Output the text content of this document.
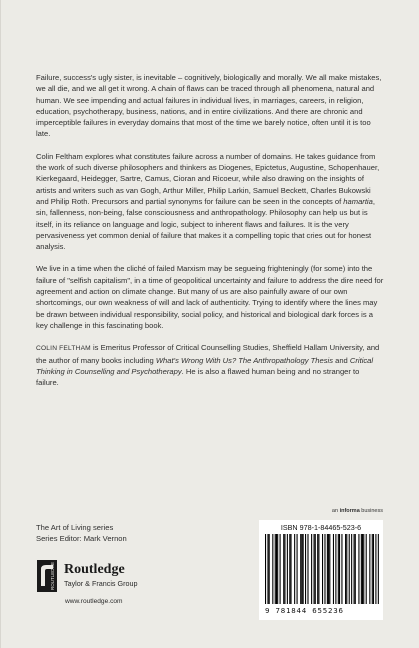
Failure, success's ugly sister, is inevitable – cognitively, biologically and morally. We all make mistakes, we all die, and we all get it wrong. A chain of flaws can be traced through all phenomena, natural and human. We see impending and actual failures in individual lives, in marriages, careers, in religion, education, psychotherapy, business, nations, and in entire civilizations. And there are chronic and imperceptible failures in everyday domains that most of the time we barely notice, often until it is too late.

Colin Feltham explores what constitutes failure across a number of domains. He takes guidance from the work of such diverse philosophers and thinkers as Diogenes, Epictetus, Augustine, Schopenhauer, Kierkegaard, Heidegger, Sartre, Camus, Cioran and Ricoeur, while also drawing on the insights of artists and writers such as van Gogh, Arthur Miller, Philip Larkin, Samuel Beckett, Charles Bukowski and Philip Roth. Precursors and partial synonyms for failure can be seen in the concepts of hamartia, sin, fallenness, non-being, false consciousness and anthropathology. Philosophy can help us but is itself, in its reliance on language and logic, subject to inherent flaws and failures. It is the very pervasiveness yet common denial of failure that makes it a compelling topic that cries out for honest analysis.

We live in a time when the cliché of failed Marxism may be segueing frighteningly (for some) into the failure of "selfish capitalism", in a time of geopolitical uncertainty and failure to address the dire need for agreement and action on climate change. But many of us are also painfully aware of our own shortcomings, our own weakness of will and lack of authenticity. Trying to identify where the lines may be drawn between individual responsibility, social policy, and historical and biological dark forces is a key challenge in this fascinating book.

COLIN FELTHAM is Emeritus Professor of Critical Counselling Studies, Sheffield Hallam University, and the author of many books including What's Wrong With Us? The Anthropathology Thesis and Critical Thinking in Counselling and Psychotherapy. He is also a flawed human being and no stranger to failure.

The Art of Living series
Series Editor: Mark Vernon
ROUTLEDGE Routledge
Taylor & Francis Group
www.routledge.com
an informa business
ISBN 978-1-84465-523-6
9 781844 655236
